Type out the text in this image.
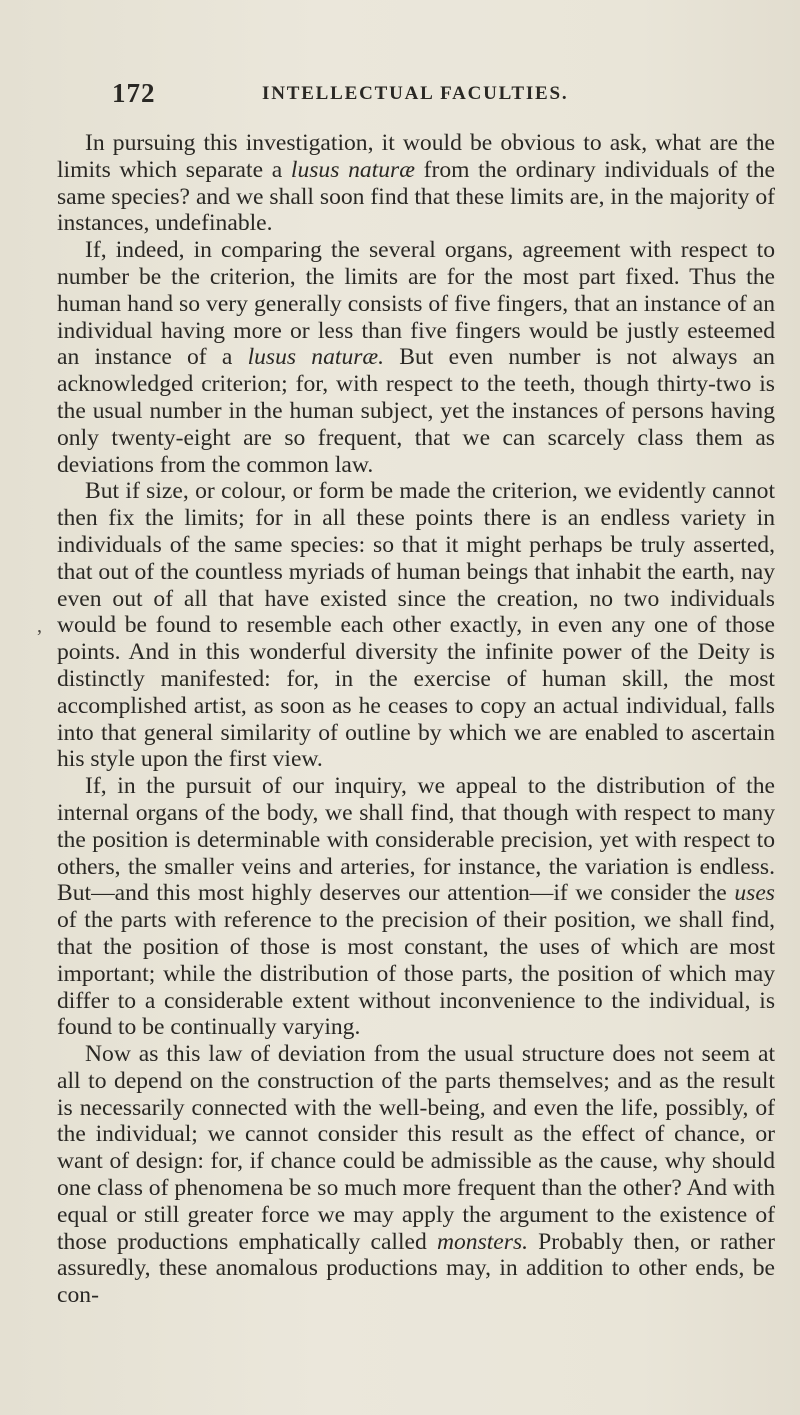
172	INTELLECTUAL FACULTIES.
,

In pursuing this investigation, it would be obvious to ask, what are the limits which separate a lusus naturæ from the ordinary individuals of the same species? and we shall soon find that these limits are, in the majority of instances, undefinable.

If, indeed, in comparing the several organs, agreement with respect to number be the criterion, the limits are for the most part fixed. Thus the human hand so very generally consists of five fingers, that an instance of an individual having more or less than five fingers would be justly esteemed an instance of a lusus naturæ. But even number is not always an acknowledged criterion; for, with respect to the teeth, though thirty-two is the usual number in the human subject, yet the instances of persons having only twenty-eight are so frequent, that we can scarcely class them as deviations from the common law.

But if size, or colour, or form be made the criterion, we evidently cannot then fix the limits; for in all these points there is an endless variety in individuals of the same species: so that it might perhaps be truly asserted, that out of the countless myriads of human beings that inhabit the earth, nay even out of all that have existed since the creation, no two individuals would be found to resemble each other exactly, in even any one of those points. And in this wonderful diversity the infinite power of the Deity is distinctly manifested: for, in the exercise of human skill, the most accomplished artist, as soon as he ceases to copy an actual individual, falls into that general similarity of outline by which we are enabled to ascertain his style upon the first view.

If, in the pursuit of our inquiry, we appeal to the distribution of the internal organs of the body, we shall find, that though with respect to many the position is determinable with considerable precision, yet with respect to others, the smaller veins and arteries, for instance, the variation is endless. But—and this most highly deserves our attention—if we consider the uses of the parts with reference to the precision of their position, we shall find, that the position of those is most constant, the uses of which are most important; while the distribution of those parts, the position of which may differ to a considerable extent without inconvenience to the individual, is found to be continually varying.

Now as this law of deviation from the usual structure does not seem at all to depend on the construction of the parts themselves; and as the result is necessarily connected with the well-being, and even the life, possibly, of the individual; we cannot consider this result as the effect of chance, or want of design: for, if chance could be admissible as the cause, why should one class of phenomena be so much more frequent than the other? And with equal or still greater force we may apply the argument to the existence of those productions emphatically called monsters. Probably then, or rather assuredly, these anomalous productions may, in addition to other ends, be con-
